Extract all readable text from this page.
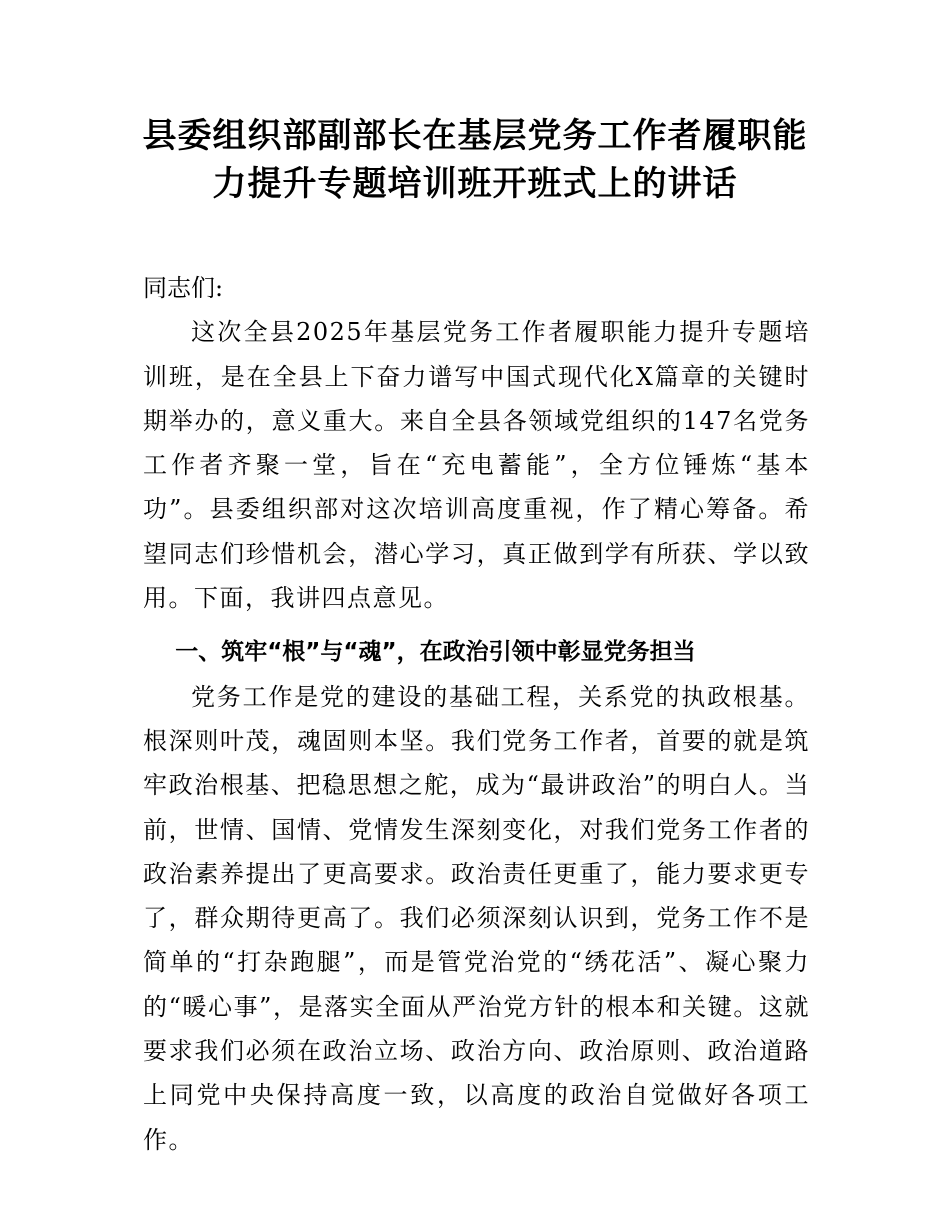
县委组织部副部长在基层党务工作者履职能
力提升专题培训班开班式上的讲话

同志们:

这次全县2025年基层党务工作者履职能力提升专题培训班，是在全县上下奋力谱写中国式现代化X篇章的关键时期举办的，意义重大。来自全县各领域党组织的147名党务工作者齐聚一堂，旨在“充电蓄能”，全方位锤炼“基本功”。县委组织部对这次培训高度重视，作了精心筹备。希望同志们珍惜机会，潜心学习，真正做到学有所获、学以致用。下面，我讲四点意见。

一、筑牢“根”与“魂”，在政治引领中彰显党务担当

党务工作是党的建设的基础工程，关系党的执政根基。根深则叶茂，魂固则本坚。我们党务工作者，首要的就是筑牢政治根基、把稳思想之舵，成为“最讲政治”的明白人。当前，世情、国情、党情发生深刻变化，对我们党务工作者的政治素养提出了更高要求。政治责任更重了，能力要求更专了，群众期待更高了。我们必须深刻认识到，党务工作不是简单的“打杂跑腿”，而是管党治党的“绣花活”、凝心聚力的“暖心事”，是落实全面从严治党方针的根本和关键。这就要求我们必须在政治立场、政治方向、政治原则、政治道路上同党中央保持高度一致，以高度的政治自觉做好各项工作。
